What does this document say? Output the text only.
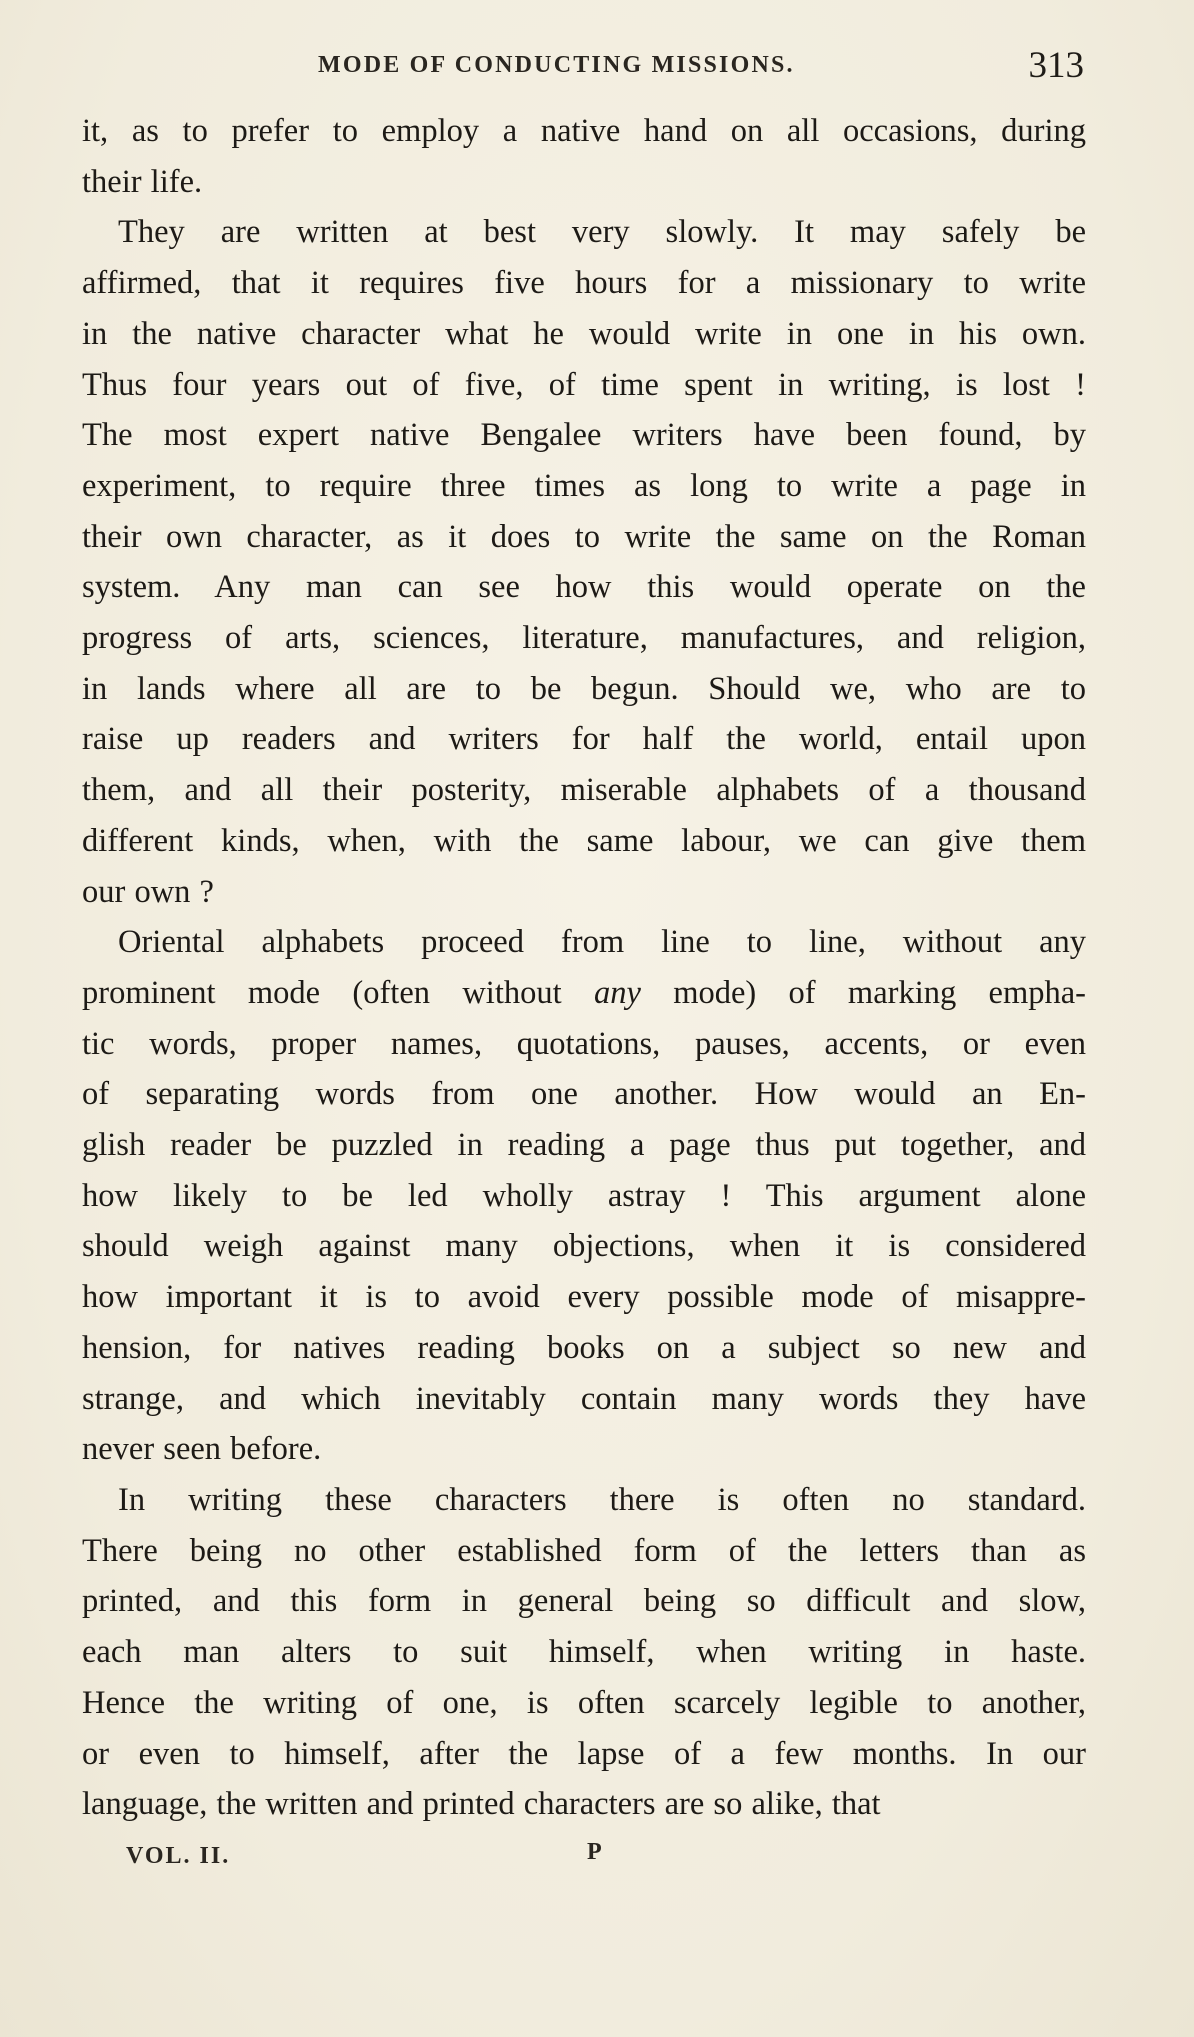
MODE OF CONDUCTING MISSIONS.	313

it, as to prefer to employ a native hand on all occasions, during
their life.

They are written at best very slowly. It may safely be
affirmed, that it requires five hours for a missionary to write
in the native character what he would write in one in his own.
Thus four years out of five, of time spent in writing, is lost !
The most expert native Bengalee writers have been found, by
experiment, to require three times as long to write a page in
their own character, as it does to write the same on the Roman
system. Any man can see how this would operate on the
progress of arts, sciences, literature, manufactures, and religion,
in lands where all are to be begun. Should we, who are to
raise up readers and writers for half the world, entail upon
them, and all their posterity, miserable alphabets of a thousand
different kinds, when, with the same labour, we can give them
our own ?

Oriental alphabets proceed from line to line, without any
prominent mode (often without any mode) of marking empha-
tic words, proper names, quotations, pauses, accents, or even
of separating words from one another. How would an En-
glish reader be puzzled in reading a page thus put together, and
how likely to be led wholly astray ! This argument alone
should weigh against many objections, when it is considered
how important it is to avoid every possible mode of misappre-
hension, for natives reading books on a subject so new and
strange, and which inevitably contain many words they have
never seen before.

In writing these characters there is often no standard.
There being no other established form of the letters than as
printed, and this form in general being so difficult and slow,
each man alters to suit himself, when writing in haste.
Hence the writing of one, is often scarcely legible to another,
or even to himself, after the lapse of a few months. In our
language, the written and printed characters are so alike, that

VOL. II.	P
